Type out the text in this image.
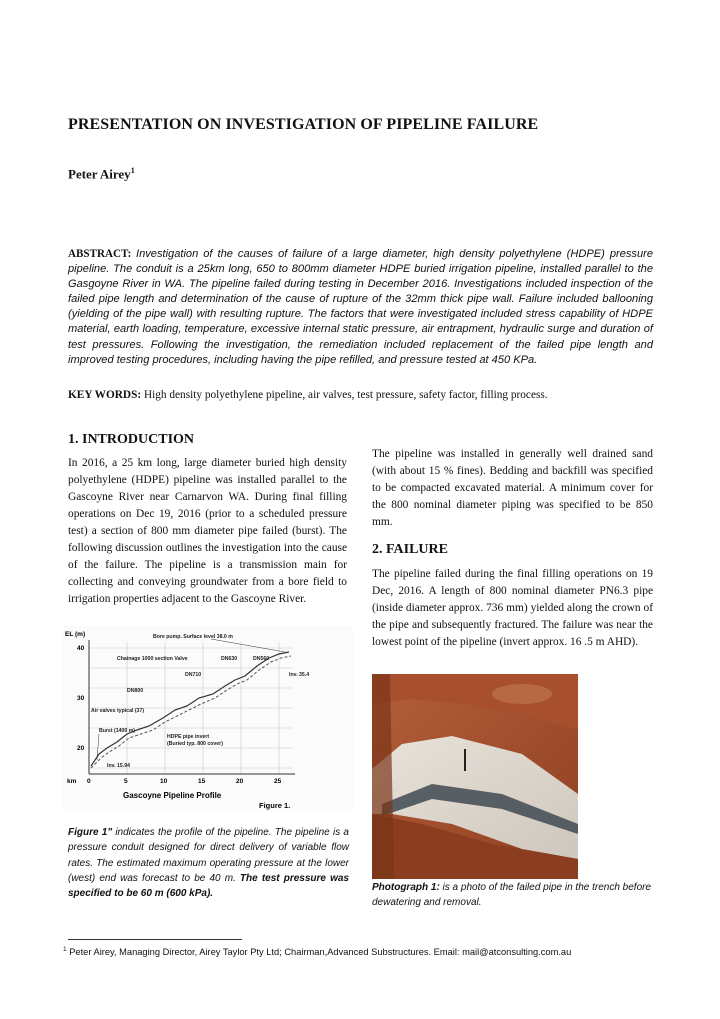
PRESENTATION ON INVESTIGATION OF PIPELINE FAILURE
Peter Airey$^1$
ABSTRACT: Investigation of the causes of failure of a large diameter, high density polyethylene (HDPE) pressure pipeline. The conduit is a 25km long, 650 to 800mm diameter HDPE buried irrigation pipeline, installed parallel to the Gasgoyne River in WA. The pipeline failed during testing in December 2016. Investigations included inspection of the failed pipe length and determination of the cause of rupture of the 32mm thick pipe wall. Failure included ballooning (yielding of the pipe wall) with resulting rupture. The factors that were investigated included stress capability of HDPE material, earth loading, temperature, excessive internal static pressure, air entrapment, hydraulic surge and duration of test pressures. Following the investigation, the remediation included replacement of the failed pipe length and improved testing procedures, including having the pipe refilled, and pressure tested at 450 KPa.
KEY WORDS: High density polyethylene pipeline, air valves, test pressure, safety factor, filling process.
1. INTRODUCTION
In 2016, a 25 km long, large diameter buried high density polyethylene (HDPE) pipeline was installed parallel to the Gascoyne River near Carnarvon WA. During final filling operations on Dec 19, 2016 (prior to a scheduled pressure test) a section of 800 mm diameter pipe failed (burst). The following discussion outlines the investigation into the cause of the failure. The pipeline is a transmission main for collecting and conveying groundwater from a bore field to irrigation properties adjacent to the Gascoyne River.
The pipeline was installed in generally well drained sand (with about 15 % fines). Bedding and backfill was specified to be compacted excavated material. A minimum cover for the 800 nominal diameter piping was specified to be 850 mm.
2. FAILURE
The pipeline failed during the final filling operations on 19 Dec, 2016. A length of 800 nominal diameter PN6.3 pipe (inside diameter approx. 736 mm) yielded along the crown of the pipe and subsequently fractured. The failure was near the lowest point of the pipeline (invert approx. 16 .5 m AHD).
EL (m)
40
30
20
km 0	5	10	15	20	25
Bore pump. Surface level 38.0 m
Chainage 1000 section Valve	DN630	DN560
DN710	Inv. 35.4
DN800
Air valves typical (37)
Burst (1400 m)
HDPE pipe invert
(Buried typ. 800 cover)
Inv. 15.94
Gascoyne Pipeline Profile
Figure 1.
Figure 1" indicates the profile of the pipeline. The pipeline is a pressure conduit designed for direct delivery of variable flow rates. The estimated maximum operating pressure at the lower (west) end was forecast to be 40 m. The test pressure was specified to be 60 m (600 kPa).
Photograph 1: is a photo of the failed pipe in the trench before dewatering and removal.
$^1$ Peter Airey, Managing Director, Airey Taylor Pty Ltd; Chairman,Advanced Substructures. Email: mail@atconsulting.com.au
